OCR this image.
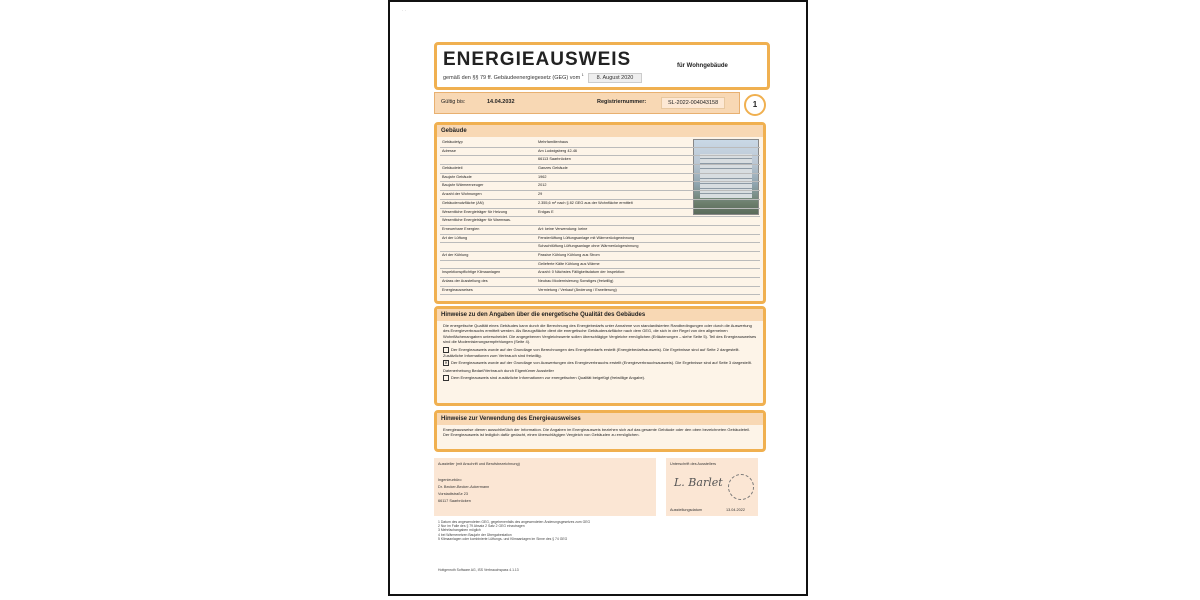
· ·
ENERGIEAUSWEIS	für Wohngebäude
gemäß den §§ 79 ff. Gebäudeenergiegesetz (GEG) vom $^1$ 8. August 2020
Gültig bis:	14.04.2032	Registriernummer:	SL-2022-004043158	1
Gebäude
Gebäudetyp	Mehrfamilienhaus
Adresse	Am Ludwigsberg 42-46
66113 Saarbrücken
Gebäudeteil	Ganzes Gebäude
Baujahr Gebäude	1962
Baujahr Wärmeerzeuger	2012
Anzahl der Wohnungen	29
Gebäudenutzfläche (AN)	2.355,6 m² nach § 82 GEG aus der Wohnfläche ermittelt
Wesentliche Energieträger für Heizung	Erdgas E
Wesentliche Energieträger für Warmwas.
Erneuerbare Energien	Art: keine Verwendung: keine
Art der Lüftung	Fensterlüftung Lüftungsanlage mit Wärmerückgewinnung
Schachtlüftung Lüftungsanlage ohne Wärmerückgewinnung
Art der Kühlung	Passive Kühlung Kühlung aus Strom
Gelieferte Kälte Kühlung aus Wärme
Inspektionspflichtige Klimaanlagen	Anzahl: 0 Nächstes Fälligkeitsdatum der Inspektion:
Anlass der Ausstellung des	Neubau Modernisierung Sonstiges (freiwillig)
Energieausweises	Vermietung / Verkauf (Änderung / Erweiterung)
Hinweise zu den Angaben über die energetische Qualität des Gebäudes

Die energetische Qualität eines Gebäudes kann durch die Berechnung des Energiebedarfs unter Annahme von standardisierten Randbedingungen oder durch die Auswertung des Energieverbrauchs ermittelt werden. Als Bezugsfläche dient die energetische Gebäudenutzfläche nach dem GEG, die sich in der Regel von den allgemeinen Wohnflächenangaben unterscheidet. Die angegebenen Vergleichswerte sollen überschlägige Vergleiche ermöglichen (Erläuterungen – siehe Seite 5). Teil des Energieausweises sind die Modernisierungsempfehlungen (Seite 4).

Der Energieausweis wurde auf der Grundlage von Berechnungen des Energiebedarfs erstellt (Energiebedarfsausweis). Die Ergebnisse sind auf Seite 2 dargestellt. Zusätzliche Informationen zum Verbrauch sind freiwillig.

✕ Der Energieausweis wurde auf der Grundlage von Auswertungen des Energieverbrauchs erstellt (Energieverbrauchsausweis). Die Ergebnisse sind auf Seite 3 dargestellt.

Datenerhebung Bedarf/Verbrauch durch Eigentümer Aussteller

Dem Energieausweis sind zusätzliche Informationen zur energetischen Qualität beigefügt (freiwillige Angabe).

Hinweise zur Verwendung des Energieausweises
Energieausweise dienen ausschließlich der Information. Die Angaben im Energieausweis beziehen sich auf das gesamte Gebäude oder den oben bezeichneten Gebäudeteil. Der Energieausweis ist lediglich dafür gedacht, einen überschlägigen Vergleich von Gebäuden zu ermöglichen.
Aussteller (mit Anschrift und Berufsbezeichnung)
Ingenieurbüro
Dr. Becker-Becker-Ackermann
Vorstadtstraße 23
66117 Saarbrücken
Unterschrift des Ausstellers
L. Barlet
Ausstellungsdatum	13.04.2022
1 Datum des angewendeten GEG, gegebenenfalls des angewendeten Änderungsgesetzes zum GEG
2 Nur im Falle des § 79 Absatz 2 Satz 2 GEG einzutragen
3 Mehrfachangaben möglich
4 bei Wärmenetzen Baujahr der Übergabestation
5 Klimaanlagen oder kombinierte Lüftungs- und Klimaanlagen im Sinne des § 74 GEG
Hottgenroth Software AG, ISS Verbrauchspass 4.1.13
